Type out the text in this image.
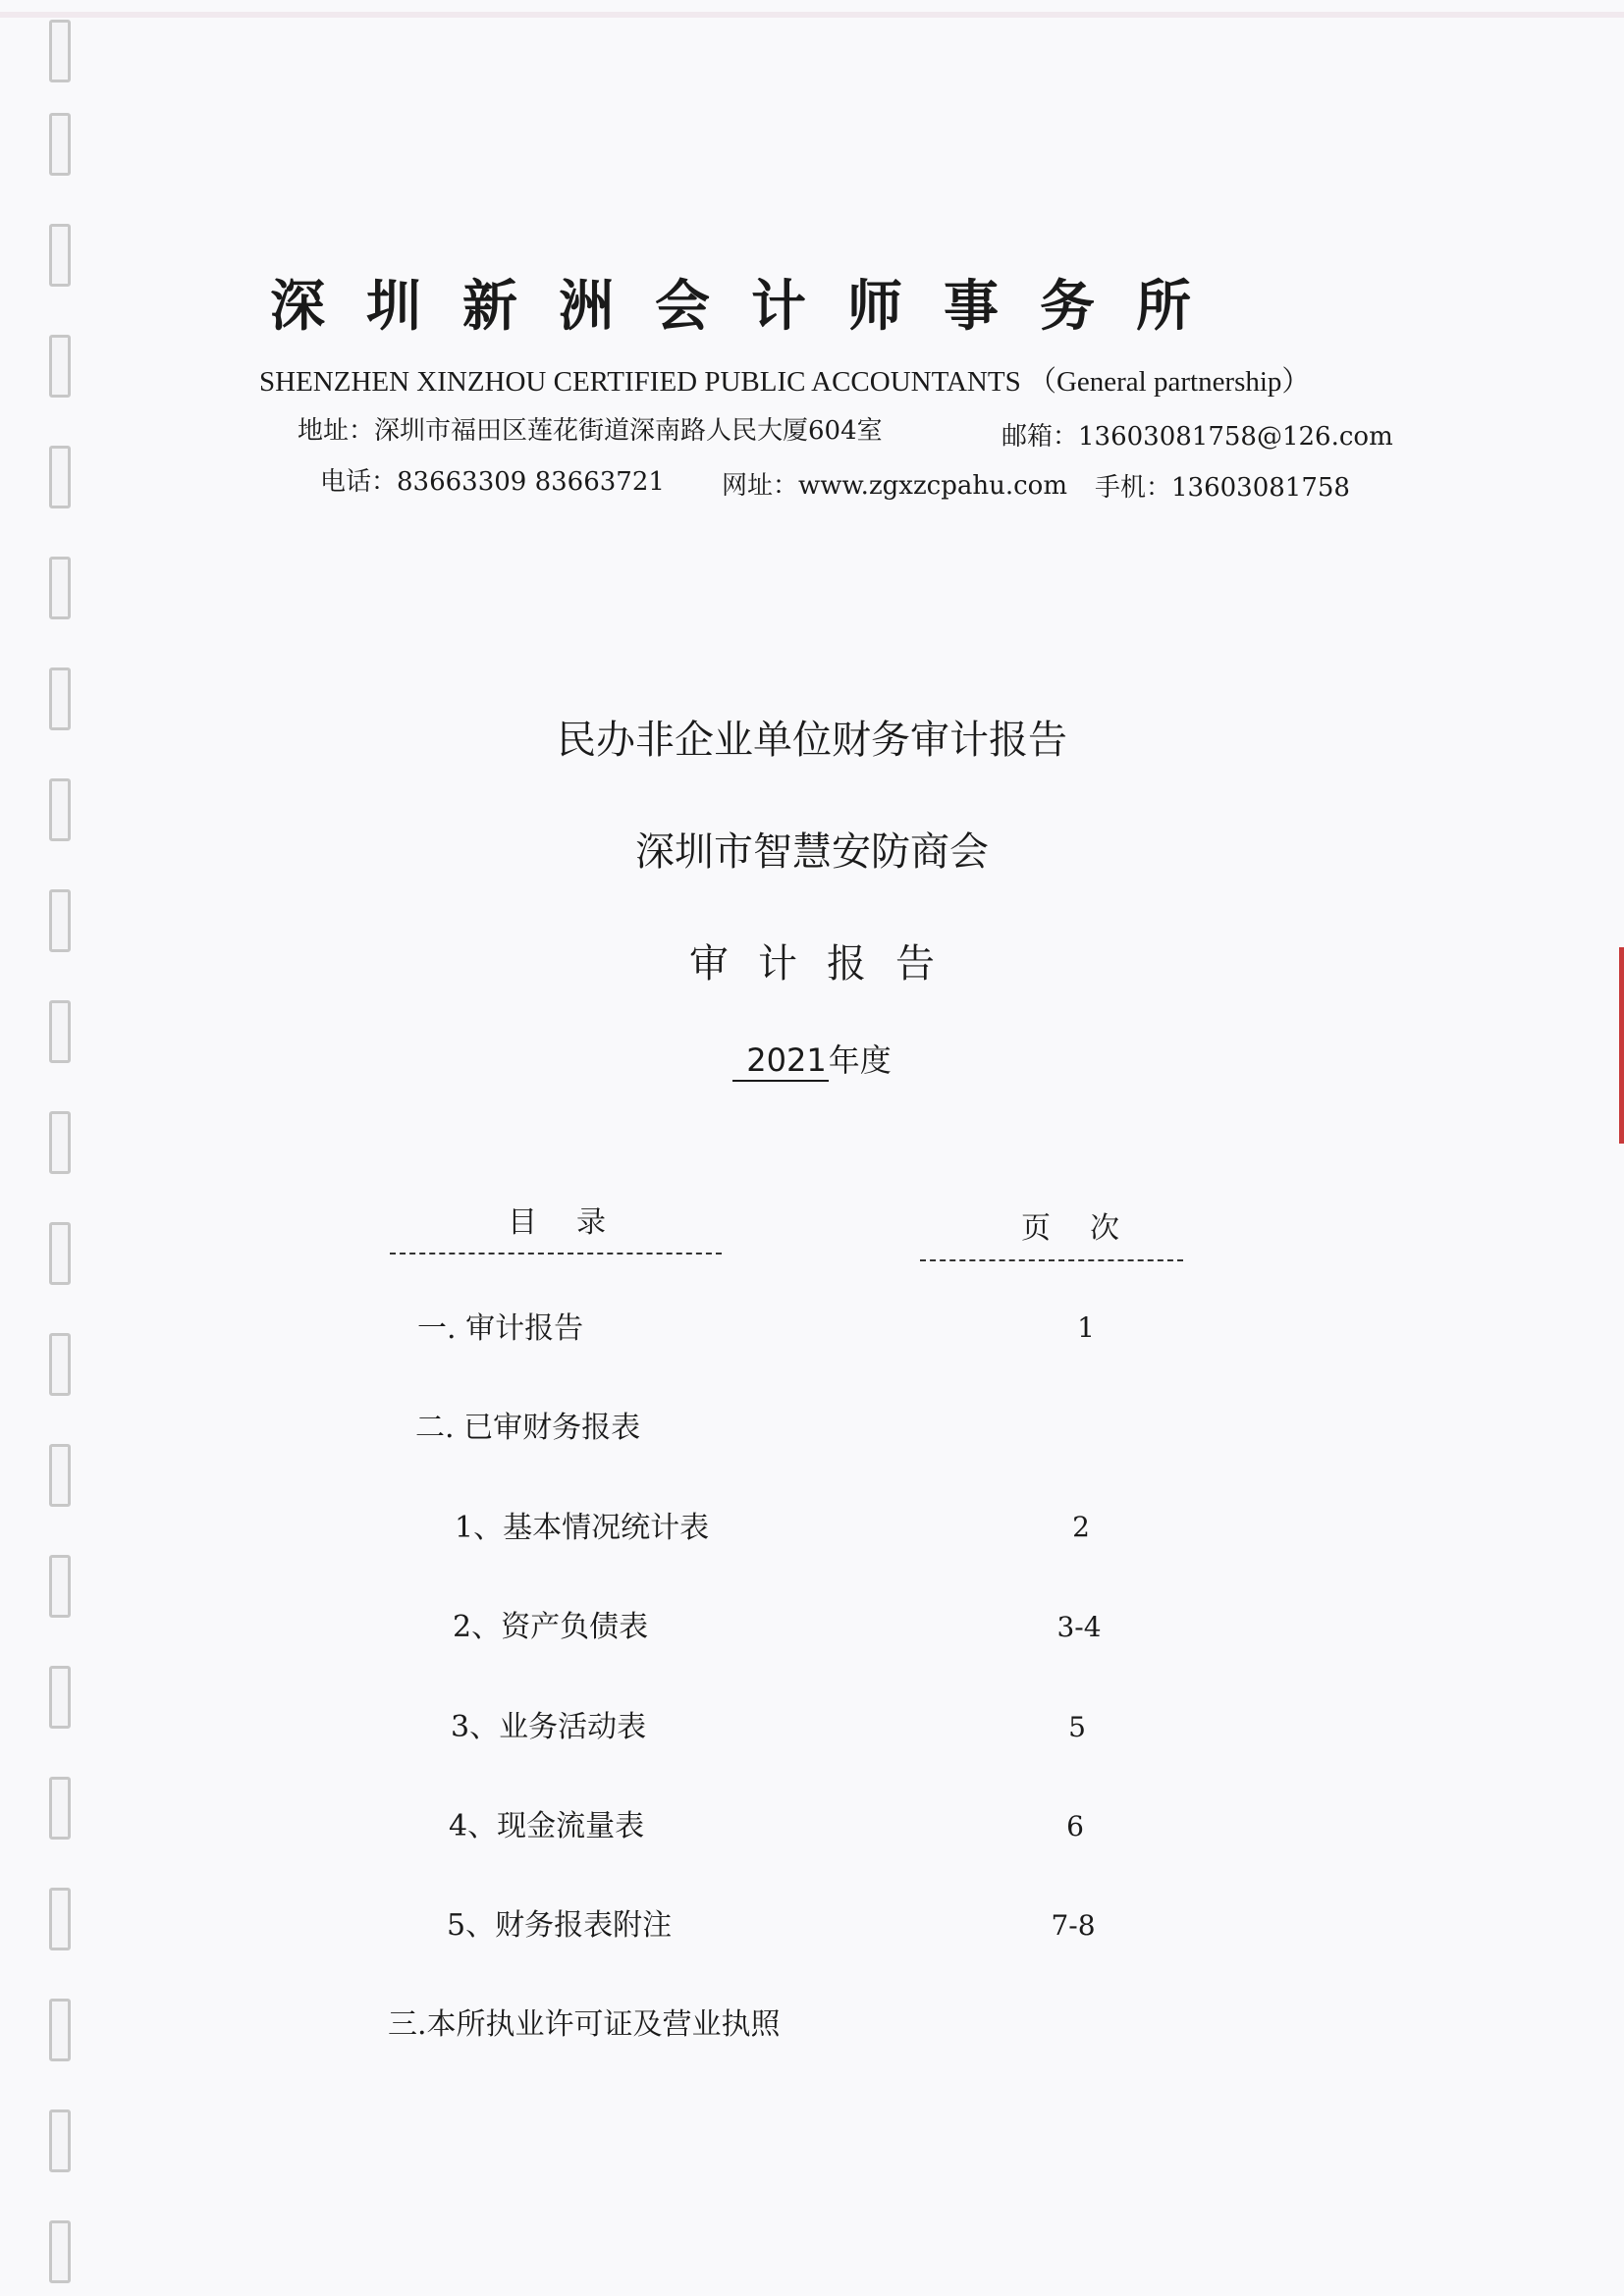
深圳新洲会计师事务所
SHENZHEN XINZHOU CERTIFIED PUBLIC ACCOUNTANTS （General partnership）
地址：深圳市福田区莲花街道深南路人民大厦604室	邮箱：13603081758@126.com
电话：83663309 83663721 网址：www.zgxzcpahu.com 手机：13603081758
民办非企业单位财务审计报告
深圳市智慧安防商会
审计报告
2021年度
目录	页次
一. 审计报告	1
二. 已审财务报表
1、基本情况统计表	2
2、资产负债表	3-4
3、业务活动表	5
4、现金流量表	6
5、财务报表附注	7-8
三.本所执业许可证及营业执照
